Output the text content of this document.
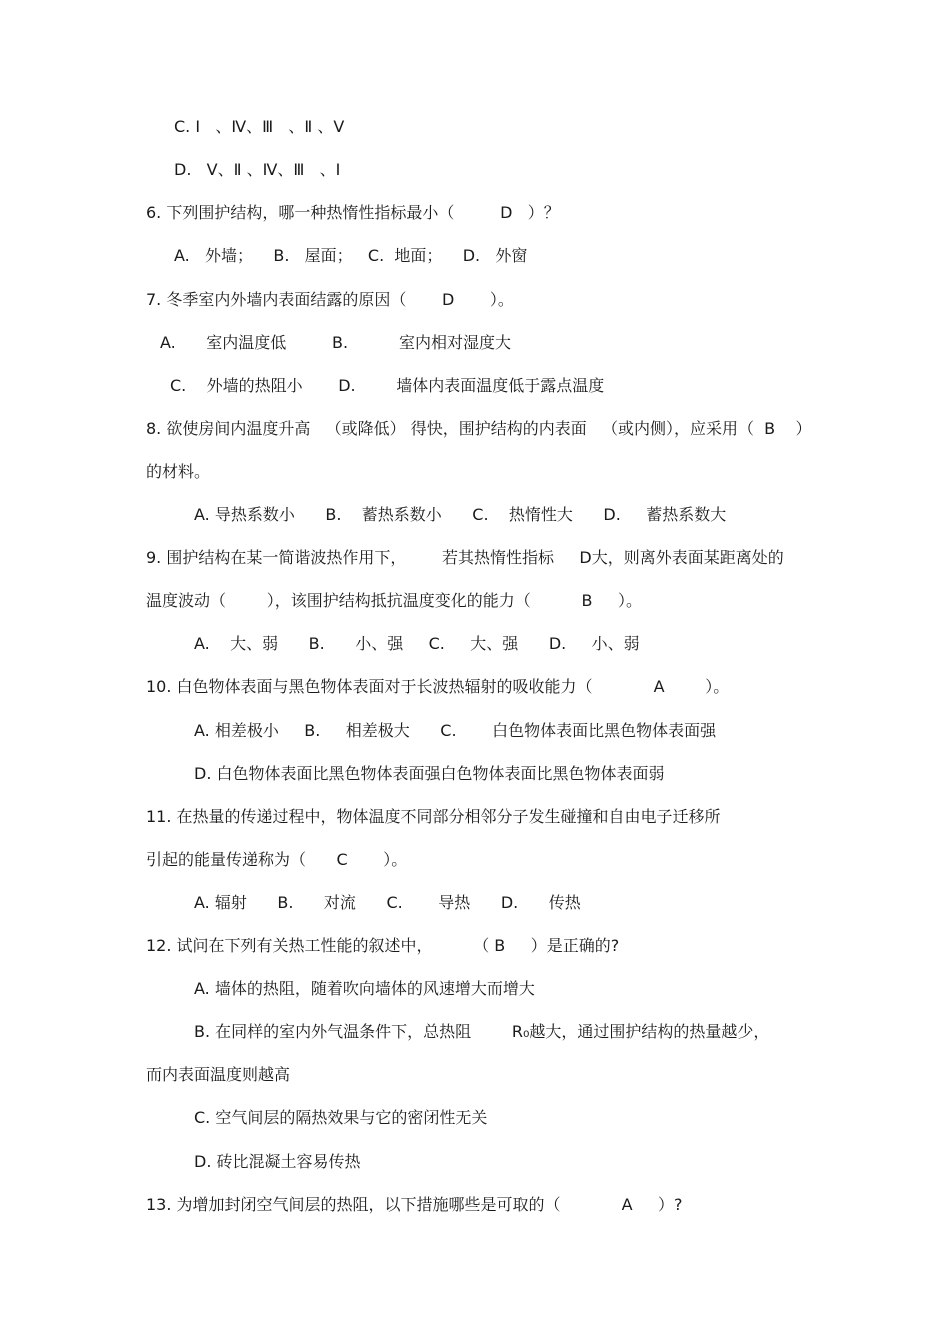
C. Ⅰ   、Ⅳ、Ⅲ   、Ⅱ 、Ⅴ
D.   Ⅴ、Ⅱ 、Ⅳ、Ⅲ   、Ⅰ
6. 下列围护结构，哪一种热惰性指标最小（         D   ）？
A.   外墙；    B.   屋面；   C.  地面；    D.   外窗
7. 冬季室内外墙内表面结露的原因（       D       ）。
A.      室内温度低         B.          室内相对湿度大
C.    外墙的热阻小       D.        墙体内表面温度低于露点温度
8. 欲使房间内温度升高   （或降低） 得快，围护结构的内表面   （或内侧），应采用（  B    ）
的材料。
A. 导热系数小      B.    蓄热系数小      C.    热惰性大      D.     蓄热系数大
9. 围护结构在某一简谐波热作用下，       若其热惰性指标     D大，则离外表面某距离处的
温度波动（        ），该围护结构抵抗温度变化的能力（          B     ）。
A.    大、弱      B.      小、强     C.     大、强      D.     小、弱
10. 白色物体表面与黑色物体表面对于长波热辐射的吸收能力（            A        ）。
A. 相差极小     B.     相差极大      C.       白色物体表面比黑色物体表面强
D. 白色物体表面比黑色物体表面强白色物体表面比黑色物体表面弱
11. 在热量的传递过程中，物体温度不同部分相邻分子发生碰撞和自由电子迁移所
引起的能量传递称为（      C       ）。
A. 辐射      B.      对流      C.       导热      D.      传热
12. 试问在下列有关热工性能的叙述中，        （ B     ）是正确的?
A. 墙体的热阻，随着吹向墙体的风速增大而增大
B. 在同样的室内外气温条件下，总热阻        R₀越大，通过围护结构的热量越少，
而内表面温度则越高
C. 空气间层的隔热效果与它的密闭性无关
D. 砖比混凝土容易传热
13. 为增加封闭空气间层的热阻，以下措施哪些是可取的（            A     ）?
